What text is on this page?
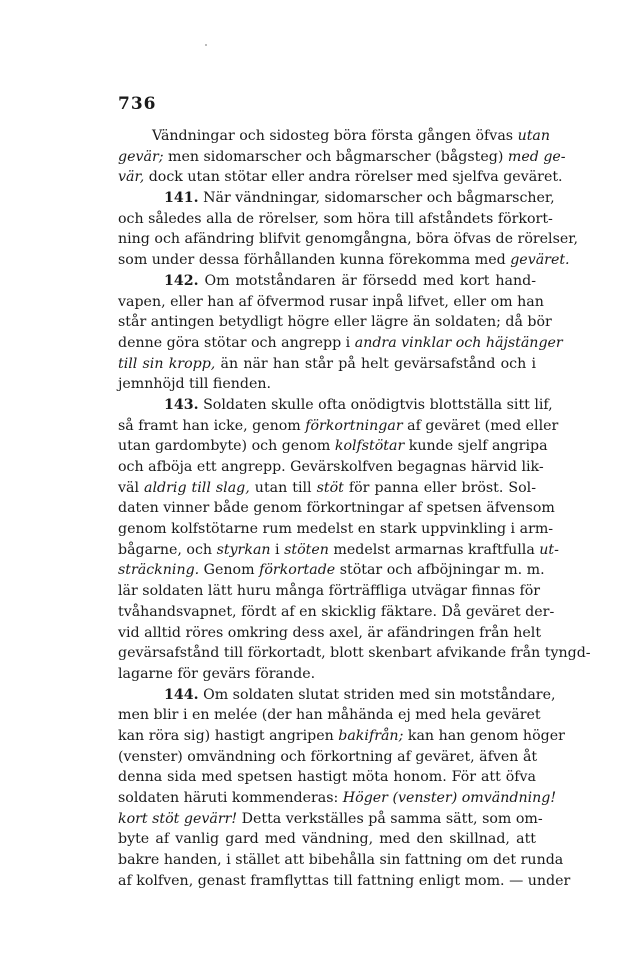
736
Vändningar och sidosteg böra första gången öfvas utan
gevär; men sidomarscher och bågmarscher (bågsteg) med ge-
vär, dock utan stötar eller andra rörelser med sjelfva geväret.
141. När vändningar, sidomarscher och bågmarscher,
och således alla de rörelser, som höra till afståndets förkort-
ning och afändring blifvit genomgångna, böra öfvas de rörelser,
som under dessa förhållanden kunna förekomma med geväret.
142. Om motståndaren är försedd med kort hand-
vapen, eller han af öfvermod rusar inpå lifvet, eller om han
står antingen betydligt högre eller lägre än soldaten; då bör
denne göra stötar och angrepp i andra vinklar och häjstänger
till sin kropp, än när han står på helt gevärsafstånd och i
jemnhöjd till fienden.
143. Soldaten skulle ofta onödigtvis blottställa sitt lif,
så framt han icke, genom förkortningar af geväret (med eller
utan gardombyte) och genom kolfstötar kunde sjelf angripa
och afböja ett angrepp. Gevärskolfven begagnas härvid lik-
väl aldrig till slag, utan till stöt för panna eller bröst. Sol-
daten vinner både genom förkortningar af spetsen äfvensom
genom kolfstötarne rum medelst en stark uppvinkling i arm-
bågarne, och styrkan i stöten medelst armarnas kraftfulla ut-
sträckning. Genom förkortade stötar och afböjningar m. m.
lär soldaten lätt huru många förträffliga utvägar finnas för
tvåhandsvapnet, fördt af en skicklig fäktare. Då geväret der-
vid alltid röres omkring dess axel, är afändringen från helt
gevärsafstånd till förkortadt, blott skenbart afvikande från tyngd-
lagarne för gevärs förande.
144. Om soldaten slutat striden med sin motståndare,
men blir i en melée (der han måhända ej med hela geväret
kan röra sig) hastigt angripen bakifrån; kan han genom höger
(venster) omvändning och förkortning af geväret, äfven åt
denna sida med spetsen hastigt möta honom. För att öfva
soldaten häruti kommenderas: Höger (venster) omvändning!
kort stöt gevärr! Detta verkställes på samma sätt, som om-
byte af vanlig gard med vändning, med den skillnad, att
bakre handen, i stället att bibehålla sin fattning om det runda
af kolfven, genast framflyttas till fattning enligt mom. — under
